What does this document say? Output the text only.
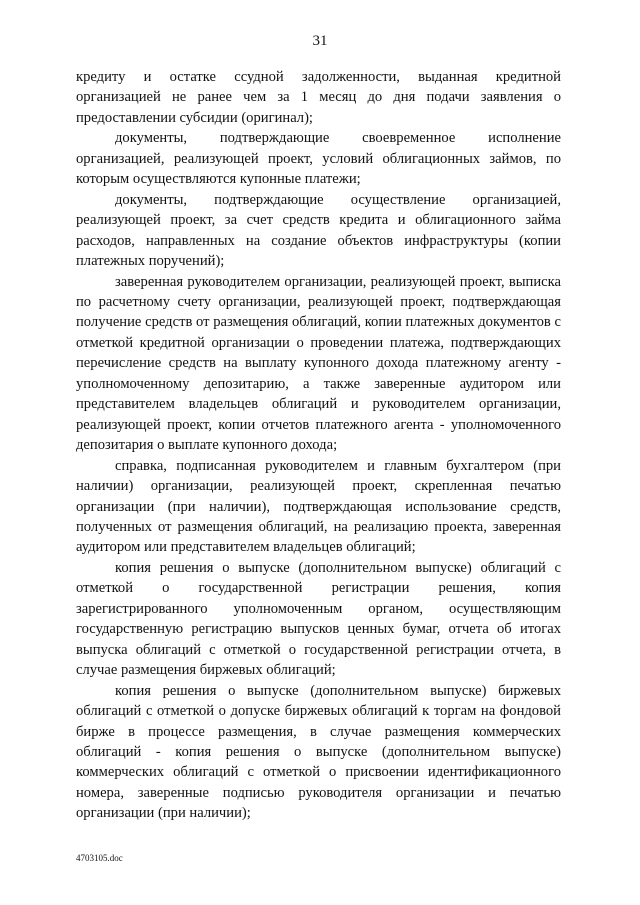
31

кредиту и остатке ссудной задолженности, выданная кредитной организацией не ранее чем за 1 месяц до дня подачи заявления о предоставлении субсидии (оригинал);

документы, подтверждающие своевременное исполнение организацией, реализующей проект, условий облигационных займов, по которым осуществляются купонные платежи;

документы, подтверждающие осуществление организацией, реализующей проект, за счет средств кредита и облигационного займа расходов, направленных на создание объектов инфраструктуры (копии платежных поручений);

заверенная руководителем организации, реализующей проект, выписка по расчетному счету организации, реализующей проект, подтверждающая получение средств от размещения облигаций, копии платежных документов с отметкой кредитной организации о проведении платежа, подтверждающих перечисление средств на выплату купонного дохода платежному агенту - уполномоченному депозитарию, а также заверенные аудитором или представителем владельцев облигаций и руководителем организации, реализующей проект, копии отчетов платежного агента - уполномоченного депозитария о выплате купонного дохода;

справка, подписанная руководителем и главным бухгалтером (при наличии) организации, реализующей проект, скрепленная печатью организации (при наличии), подтверждающая использование средств, полученных от размещения облигаций, на реализацию проекта, заверенная аудитором или представителем владельцев облигаций;

копия решения о выпуске (дополнительном выпуске) облигаций с отметкой о государственной регистрации решения, копия зарегистрированного уполномоченным органом, осуществляющим государственную регистрацию выпусков ценных бумаг, отчета об итогах выпуска облигаций с отметкой о государственной регистрации отчета, в случае размещения биржевых облигаций;

копия решения о выпуске (дополнительном выпуске) биржевых облигаций с отметкой о допуске биржевых облигаций к торгам на фондовой бирже в процессе размещения, в случае размещения коммерческих облигаций - копия решения о выпуске (дополнительном выпуске) коммерческих облигаций с отметкой о присвоении идентификационного номера, заверенные подписью руководителя организации и печатью организации (при наличии);

4703105.doc
